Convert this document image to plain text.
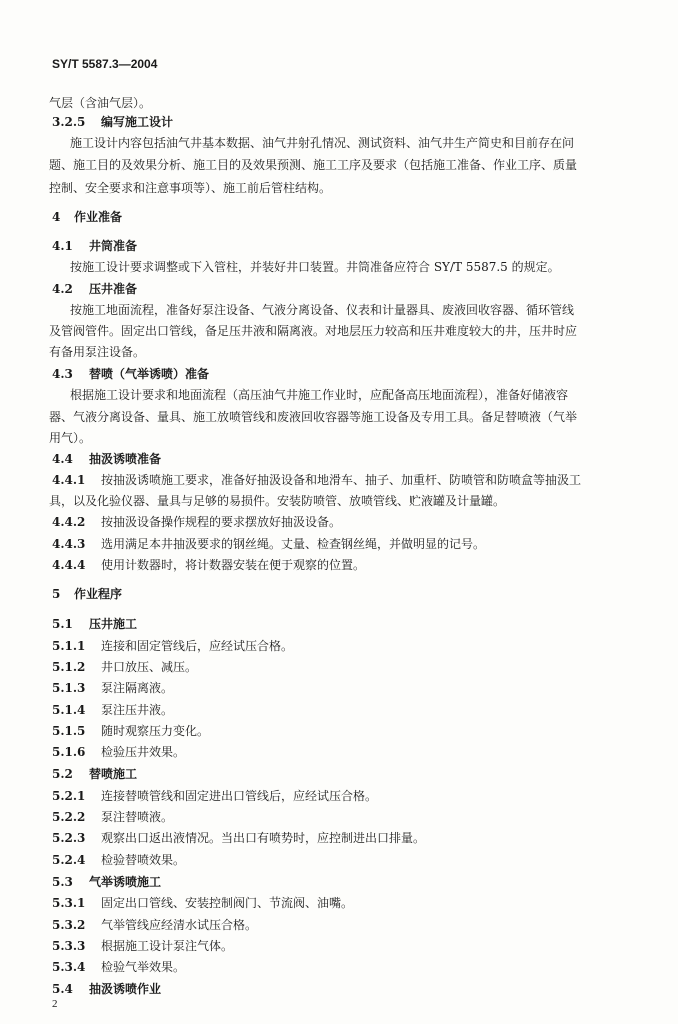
SY/T 5587.3—2004
气层（含油气层）。
3.2.5 编写施工设计
施工设计内容包括油气井基本数据、油气井射孔情况、测试资料、油气井生产简史和目前存在问
题、施工目的及效果分析、施工目的及效果预测、施工工序及要求（包括施工准备、作业工序、质量
控制、安全要求和注意事项等）、施工前后管柱结构。
4 作业准备
4.1 井筒准备
按施工设计要求调整或下入管柱，并装好井口装置。井筒准备应符合 SY/T 5587.5 的规定。
4.2 压井准备
按施工地面流程，准备好泵注设备、气液分离设备、仪表和计量器具、废液回收容器、循环管线
及管阀管件。固定出口管线，备足压井液和隔离液。对地层压力较高和压井难度较大的井，压井时应
有备用泵注设备。
4.3 替喷（气举诱喷）准备
根据施工设计要求和地面流程（高压油气井施工作业时，应配备高压地面流程），准备好储液容
器、气液分离设备、量具、施工放喷管线和废液回收容器等施工设备及专用工具。备足替喷液（气举
用气）。
4.4 抽汲诱喷准备
4.4.1 按抽汲诱喷施工要求，准备好抽汲设备和地滑车、抽子、加重杆、防喷管和防喷盒等抽汲工
具，以及化验仪器、量具与足够的易损件。安装防喷管、放喷管线、贮液罐及计量罐。
4.4.2 按抽汲设备操作规程的要求摆放好抽汲设备。
4.4.3 选用满足本井抽汲要求的钢丝绳。丈量、检查钢丝绳，并做明显的记号。
4.4.4 使用计数器时，将计数器安装在便于观察的位置。
5 作业程序
5.1 压井施工
5.1.1 连接和固定管线后，应经试压合格。
5.1.2 井口放压、减压。
5.1.3 泵注隔离液。
5.1.4 泵注压井液。
5.1.5 随时观察压力变化。
5.1.6 检验压井效果。
5.2 替喷施工
5.2.1 连接替喷管线和固定进出口管线后，应经试压合格。
5.2.2 泵注替喷液。
5.2.3 观察出口返出液情况。当出口有喷势时，应控制进出口排量。
5.2.4 检验替喷效果。
5.3 气举诱喷施工
5.3.1 固定出口管线、安装控制阀门、节流阀、油嘴。
5.3.2 气举管线应经清水试压合格。
5.3.3 根据施工设计泵注气体。
5.3.4 检验气举效果。
5.4 抽汲诱喷作业
2
